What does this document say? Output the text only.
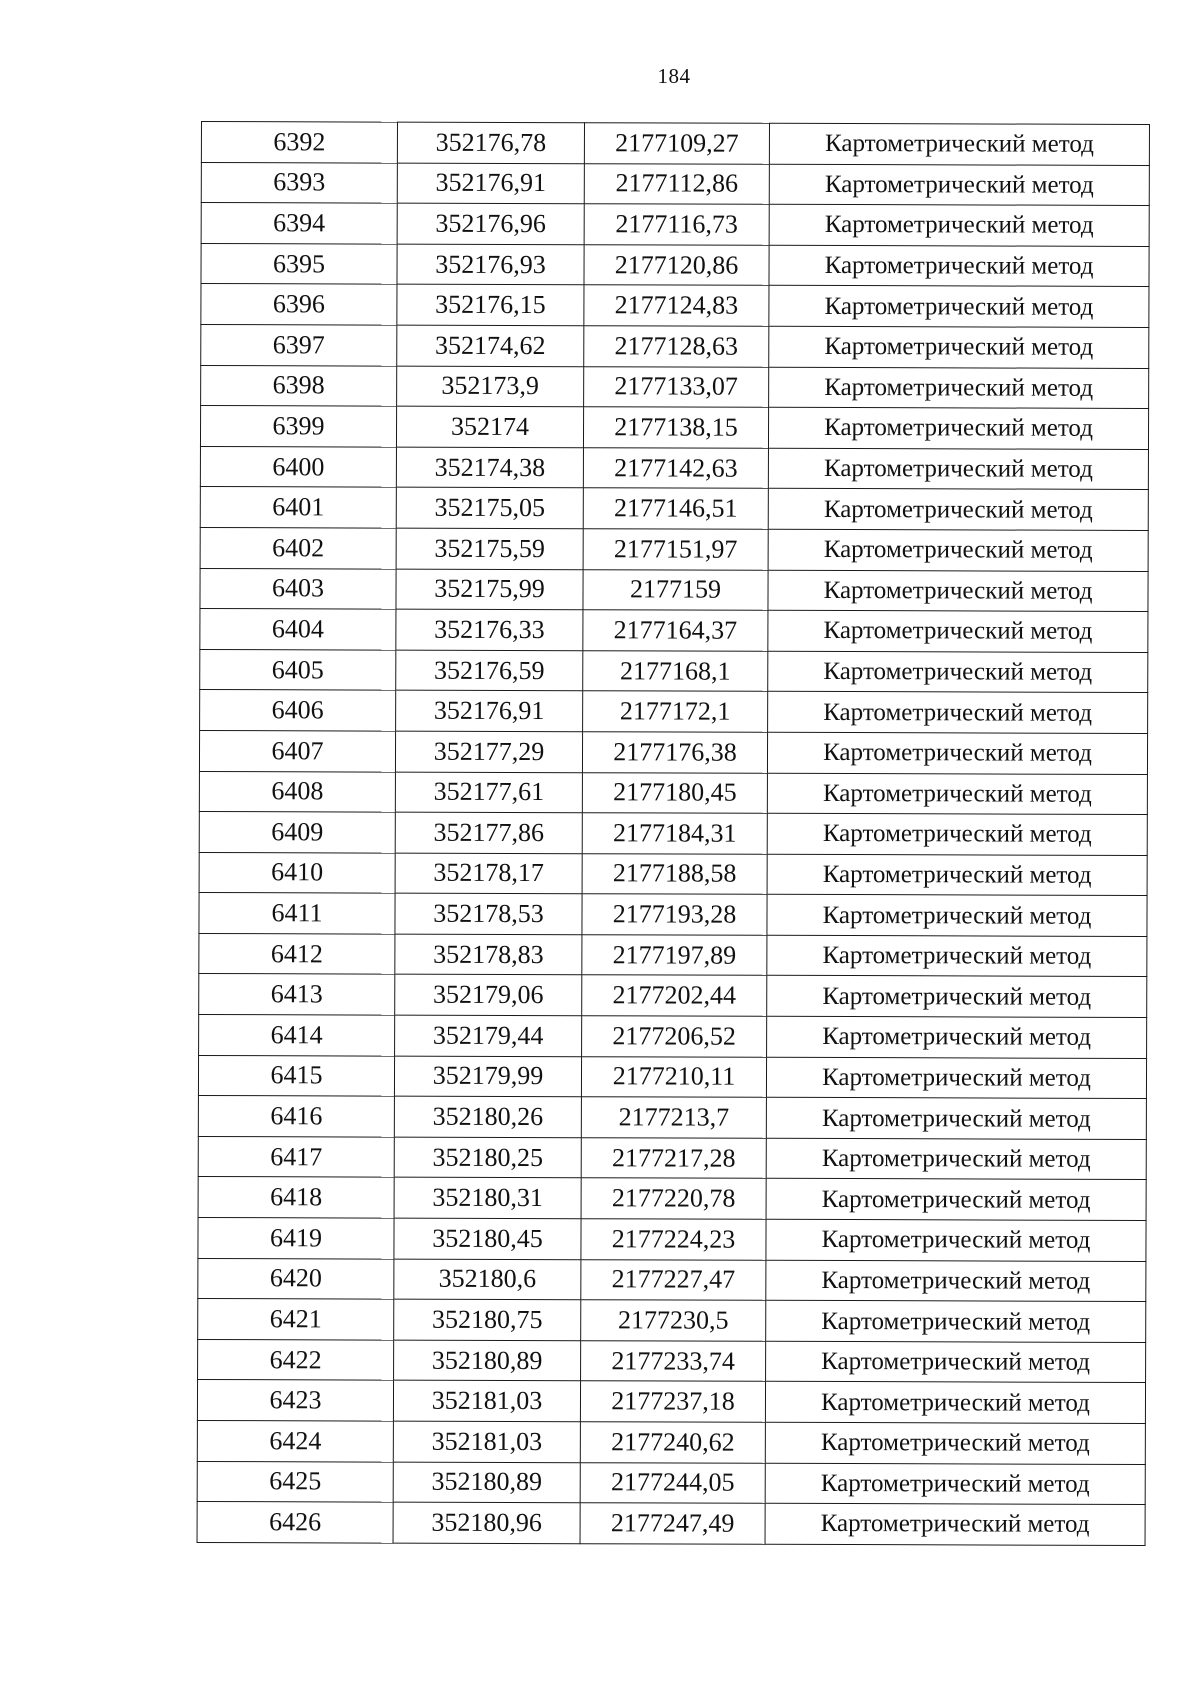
184
6392	352176,78	2177109,27	Картометрический метод
6393	352176,91	2177112,86	Картометрический метод
6394	352176,96	2177116,73	Картометрический метод
6395	352176,93	2177120,86	Картометрический метод
6396	352176,15	2177124,83	Картометрический метод
6397	352174,62	2177128,63	Картометрический метод
6398	352173,9	2177133,07	Картометрический метод
6399	352174	2177138,15	Картометрический метод
6400	352174,38	2177142,63	Картометрический метод
6401	352175,05	2177146,51	Картометрический метод
6402	352175,59	2177151,97	Картометрический метод
6403	352175,99	2177159	Картометрический метод
6404	352176,33	2177164,37	Картометрический метод
6405	352176,59	2177168,1	Картометрический метод
6406	352176,91	2177172,1	Картометрический метод
6407	352177,29	2177176,38	Картометрический метод
6408	352177,61	2177180,45	Картометрический метод
6409	352177,86	2177184,31	Картометрический метод
6410	352178,17	2177188,58	Картометрический метод
6411	352178,53	2177193,28	Картометрический метод
6412	352178,83	2177197,89	Картометрический метод
6413	352179,06	2177202,44	Картометрический метод
6414	352179,44	2177206,52	Картометрический метод
6415	352179,99	2177210,11	Картометрический метод
6416	352180,26	2177213,7	Картометрический метод
6417	352180,25	2177217,28	Картометрический метод
6418	352180,31	2177220,78	Картометрический метод
6419	352180,45	2177224,23	Картометрический метод
6420	352180,6	2177227,47	Картометрический метод
6421	352180,75	2177230,5	Картометрический метод
6422	352180,89	2177233,74	Картометрический метод
6423	352181,03	2177237,18	Картометрический метод
6424	352181,03	2177240,62	Картометрический метод
6425	352180,89	2177244,05	Картометрический метод
6426	352180,96	2177247,49	Картометрический метод
